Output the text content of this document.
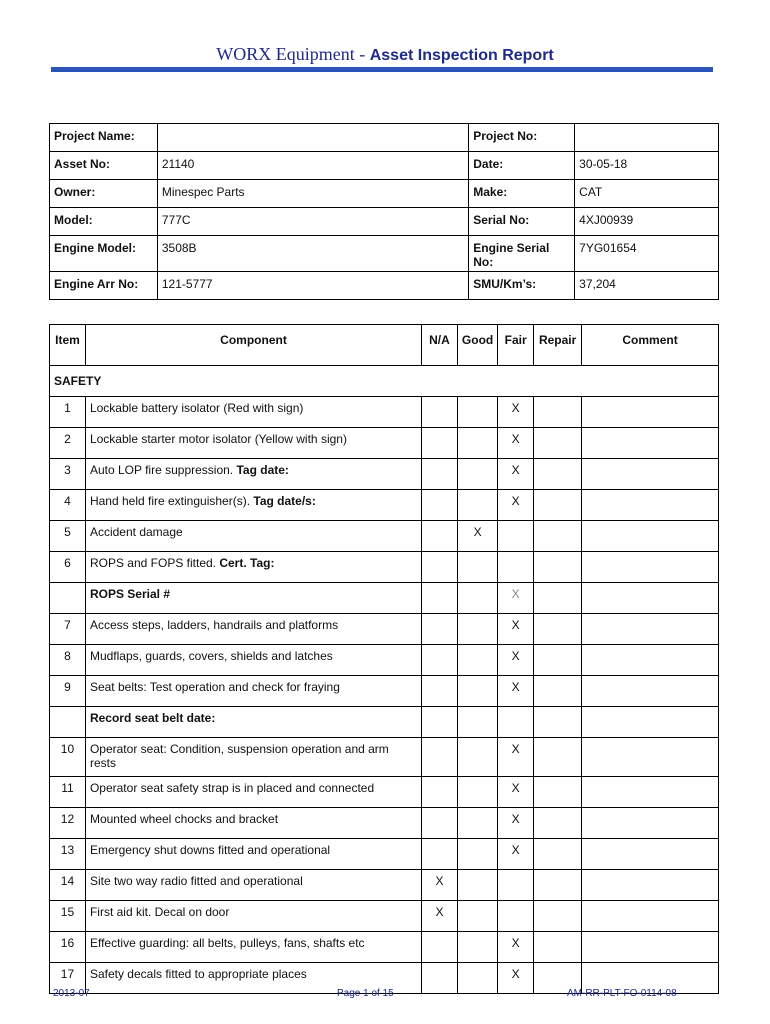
WORX Equipment - Asset Inspection Report
Project Name:		Project No:	
Asset No:	21140	Date:	30-05-18
Owner:	Minespec Parts	Make:	CAT
Model:	777C	Serial No:	4XJ00939
Engine Model:	3508B	Engine Serial No:	7YG01654
Engine Arr No:	121-5777	SMU/Km’s:	37,204
Item	Component	N/A	Good	Fair	Repair	Comment
SAFETY						
1	Lockable battery isolator (Red with sign)			X		
2	Lockable starter motor isolator (Yellow with sign)			X		
3	Auto LOP fire suppression. Tag date:			X		
4	Hand held fire extinguisher(s). Tag date/s:			X		
5	Accident damage		X			
6	ROPS and FOPS fitted. Cert. Tag:					
	ROPS Serial #			X		
7	Access steps, ladders, handrails and platforms			X		
8	Mudflaps, guards, covers, shields and latches			X		
9	Seat belts: Test operation and check for fraying			X		
	Record seat belt date:					
10	Operator seat: Condition, suspension operation and arm rests			X		
11	Operator seat safety strap is in placed and connected			X		
12	Mounted wheel chocks and bracket			X		
13	Emergency shut downs fitted and operational			X		
14	Site two way radio fitted and operational	X				
15	First aid kit. Decal on door	X				
16	Effective guarding: all belts, pulleys, fans, shafts etc			X		
17	Safety decals fitted to appropriate places			X		
2013-07	Page 1 of 15	AM-RR-PLT-FO-0114-08
